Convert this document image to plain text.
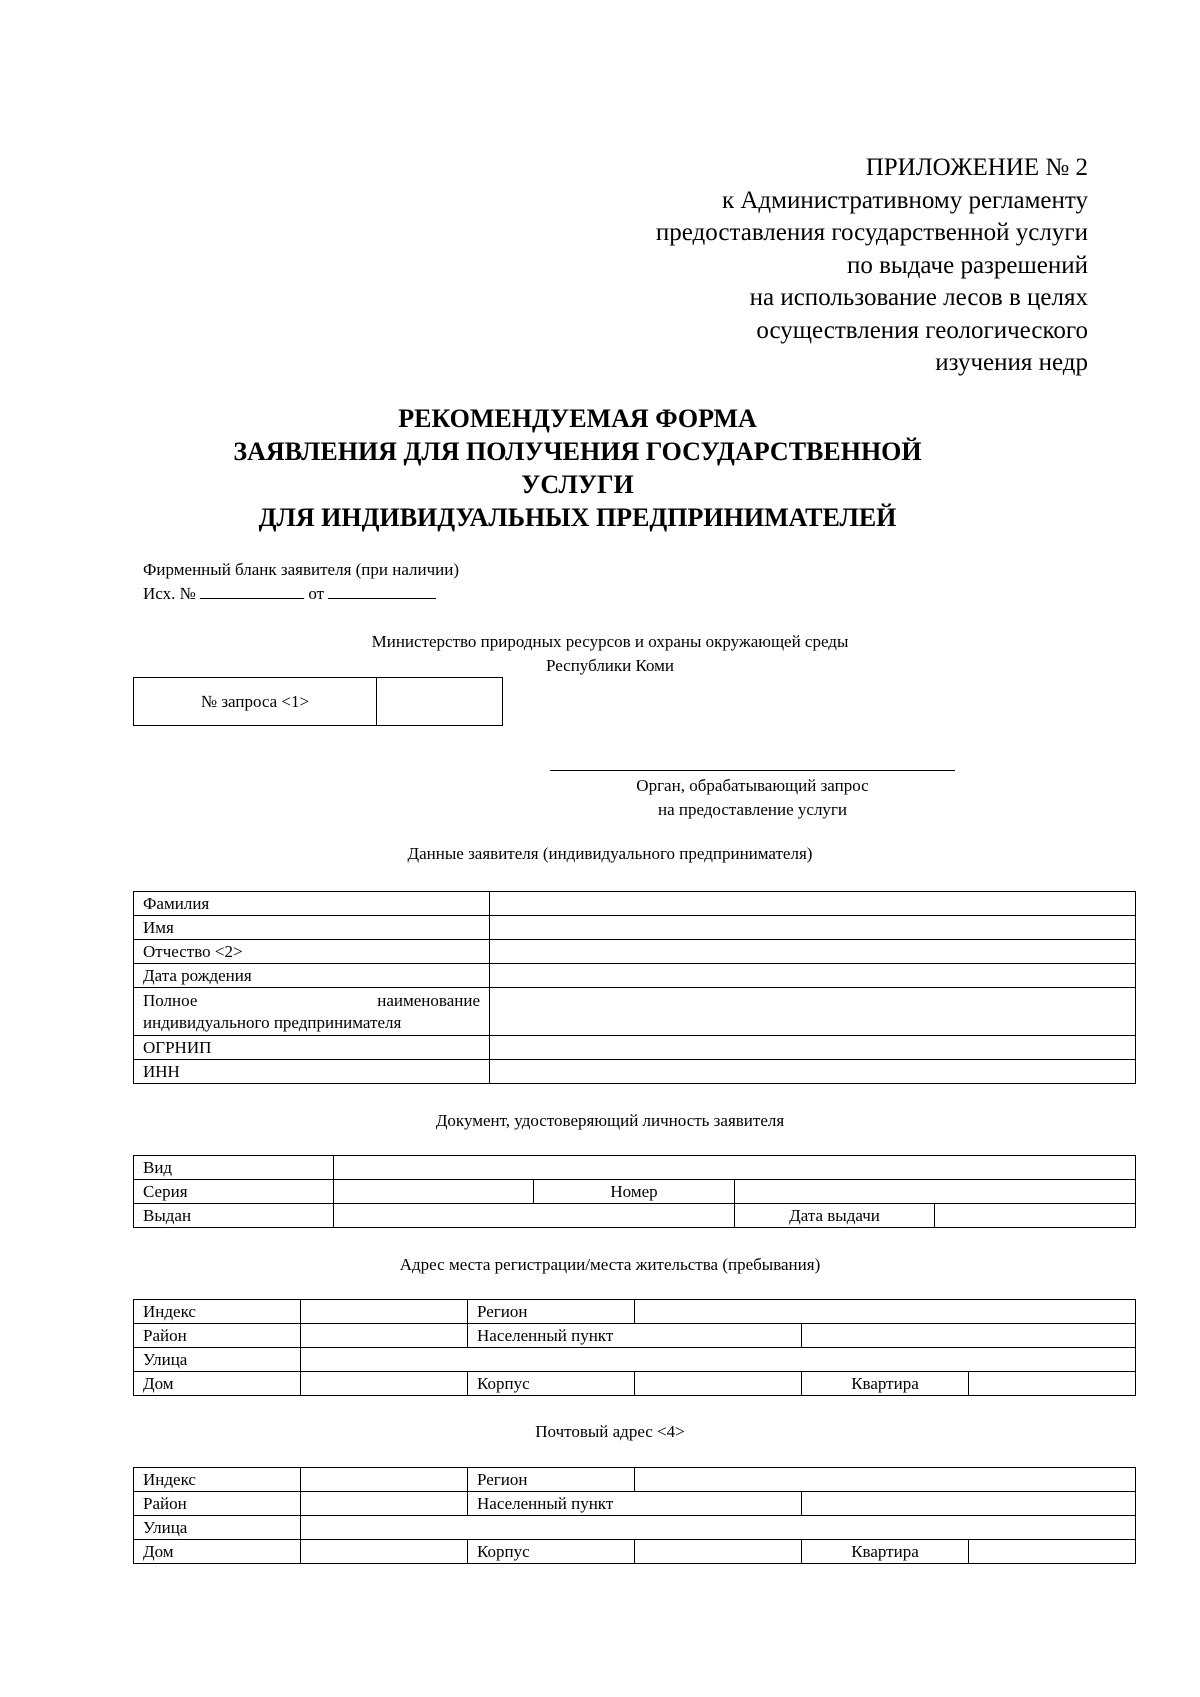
ПРИЛОЖЕНИЕ № 2
к Административному регламенту
предоставления государственной услуги
по выдаче разрешений
на использование лесов в целях
осуществления геологического
изучения недр
РЕКОМЕНДУЕМАЯ ФОРМА
ЗАЯВЛЕНИЯ ДЛЯ ПОЛУЧЕНИЯ ГОСУДАРСТВЕННОЙ
УСЛУГИ
ДЛЯ ИНДИВИДУАЛЬНЫХ ПРЕДПРИНИМАТЕЛЕЙ
Фирменный бланк заявителя (при наличии)
Исх. №	от
Министерство природных ресурсов и охраны окружающей среды
Республики Коми
№ запроса <1>	
Орган, обрабатывающий запрос
на предоставление услуги
Данные заявителя (индивидуального предпринимателя)
Фамилия	
Имя	
Отчество <2>	
Дата рождения	

Полное наименование
индивидуального предпринимателя	

ОГРНИП	
ИНН	
Документ, удостоверяющий личность заявителя
Вид				
Серия		Номер		
Выдан			Дата выдачи	
Адрес места регистрации/места жительства (пребывания)
Индекс		Регион			
Район		Населенный пункт			
Улица					
Дом		Корпус		Квартира	
Почтовый адрес <4>
Индекс		Регион			
Район		Населенный пункт			
Улица					
Дом		Корпус		Квартира	
